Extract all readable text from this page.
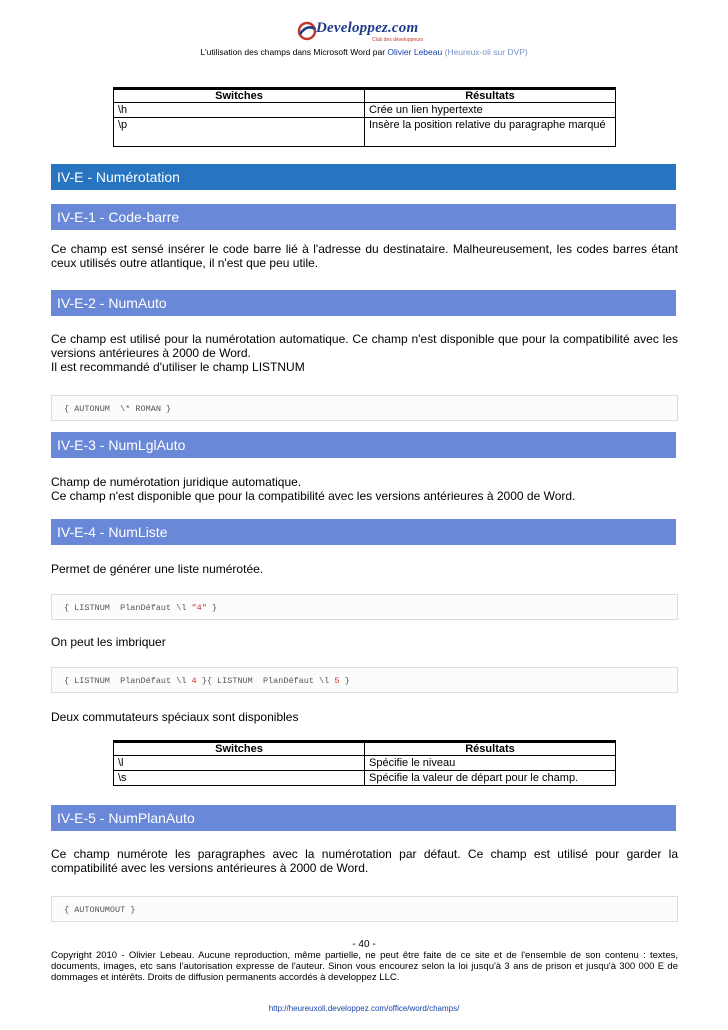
Developpez.com
Club des développeurs
L'utilisation des champs dans Microsoft Word par Olivier Lebeau (Heureux-oli sur DVP)
Switches	Résultats
\h	Crée un lien hypertexte
\p	Insère la position relative du paragraphe marqué
IV-E - Numérotation
IV-E-1 - Code-barre
Ce champ est sensé insérer le code barre lié à l'adresse du destinataire. Malheureusement, les codes barres étant ceux utilisés outre atlantique, il n'est que peu utile.
IV-E-2 - NumAuto
Ce champ est utilisé pour la numérotation automatique. Ce champ n'est disponible que pour la compatibilité avec les versions antérieures à 2000 de Word.
Il est recommandé d'utiliser le champ LISTNUM
{ AUTONUM  \* ROMAN }
IV-E-3 - NumLglAuto
Champ de numérotation juridique automatique.
Ce champ n'est disponible que pour la compatibilité avec les versions antérieures à 2000 de Word.
IV-E-4 - NumListe
Permet de générer une liste numérotée.
{ LISTNUM  PlanDéfaut \l "4" }
On peut les imbriquer
{ LISTNUM  PlanDéfaut \l 4 }{ LISTNUM  PlanDéfaut \l 5 }
Deux commutateurs spéciaux sont disponibles
Switches	Résultats
\l	Spécifie le niveau
\s	Spécifie la valeur de départ pour le champ.
IV-E-5 - NumPlanAuto
Ce champ numérote les paragraphes avec la numérotation par défaut. Ce champ est utilisé pour garder la compatibilité avec les versions antérieures à 2000 de Word.
{ AUTONUMOUT }
- 40 -
Copyright 2010 - Olivier Lebeau. Aucune reproduction, même partielle, ne peut être faite de ce site et de l'ensemble de son contenu : textes, documents, images, etc sans l'autorisation expresse de l'auteur. Sinon vous encourez selon la loi jusqu'à 3 ans de prison et jusqu'à 300 000 E de dommages et intérêts. Droits de diffusion permanents accordés à developpez LLC.
http://heureuxoli.developpez.com/office/word/champs/
